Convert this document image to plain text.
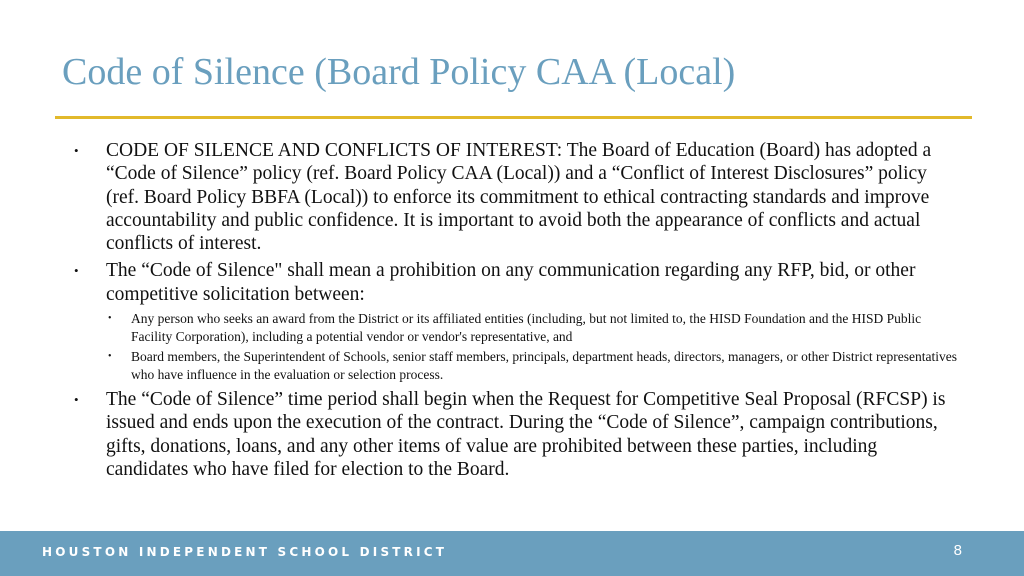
Code of Silence (Board Policy CAA (Local)
• CODE OF SILENCE AND CONFLICTS OF INTEREST: The Board of Education (Board) has adopted a “Code of Silence” policy (ref. Board Policy CAA (Local)) and a “Conflict of Interest Disclosures” policy (ref. Board Policy BBFA (Local)) to enforce its commitment to ethical contracting standards and improve accountability and public confidence. It is important to avoid both the appearance of conflicts and actual conflicts of interest.
• The “Code of Silence" shall mean a prohibition on any communication regarding any RFP, bid, or other competitive solicitation between:
• Any person who seeks an award from the District or its affiliated entities (including, but not limited to, the HISD Foundation and the HISD Public Facility Corporation), including a potential vendor or vendor's representative, and
• Board members, the Superintendent of Schools, senior staff members, principals, department heads, directors, managers, or other District representatives who have influence in the evaluation or selection process.
• The “Code of Silence” time period shall begin when the Request for Competitive Seal Proposal (RFCSP) is issued and ends upon the execution of the contract. During the “Code of Silence”, campaign contributions, gifts, donations, loans, and any other items of value are prohibited between these parties, including candidates who have filed for election to the Board.
HOUSTON INDEPENDENT SCHOOL DISTRICT	8
